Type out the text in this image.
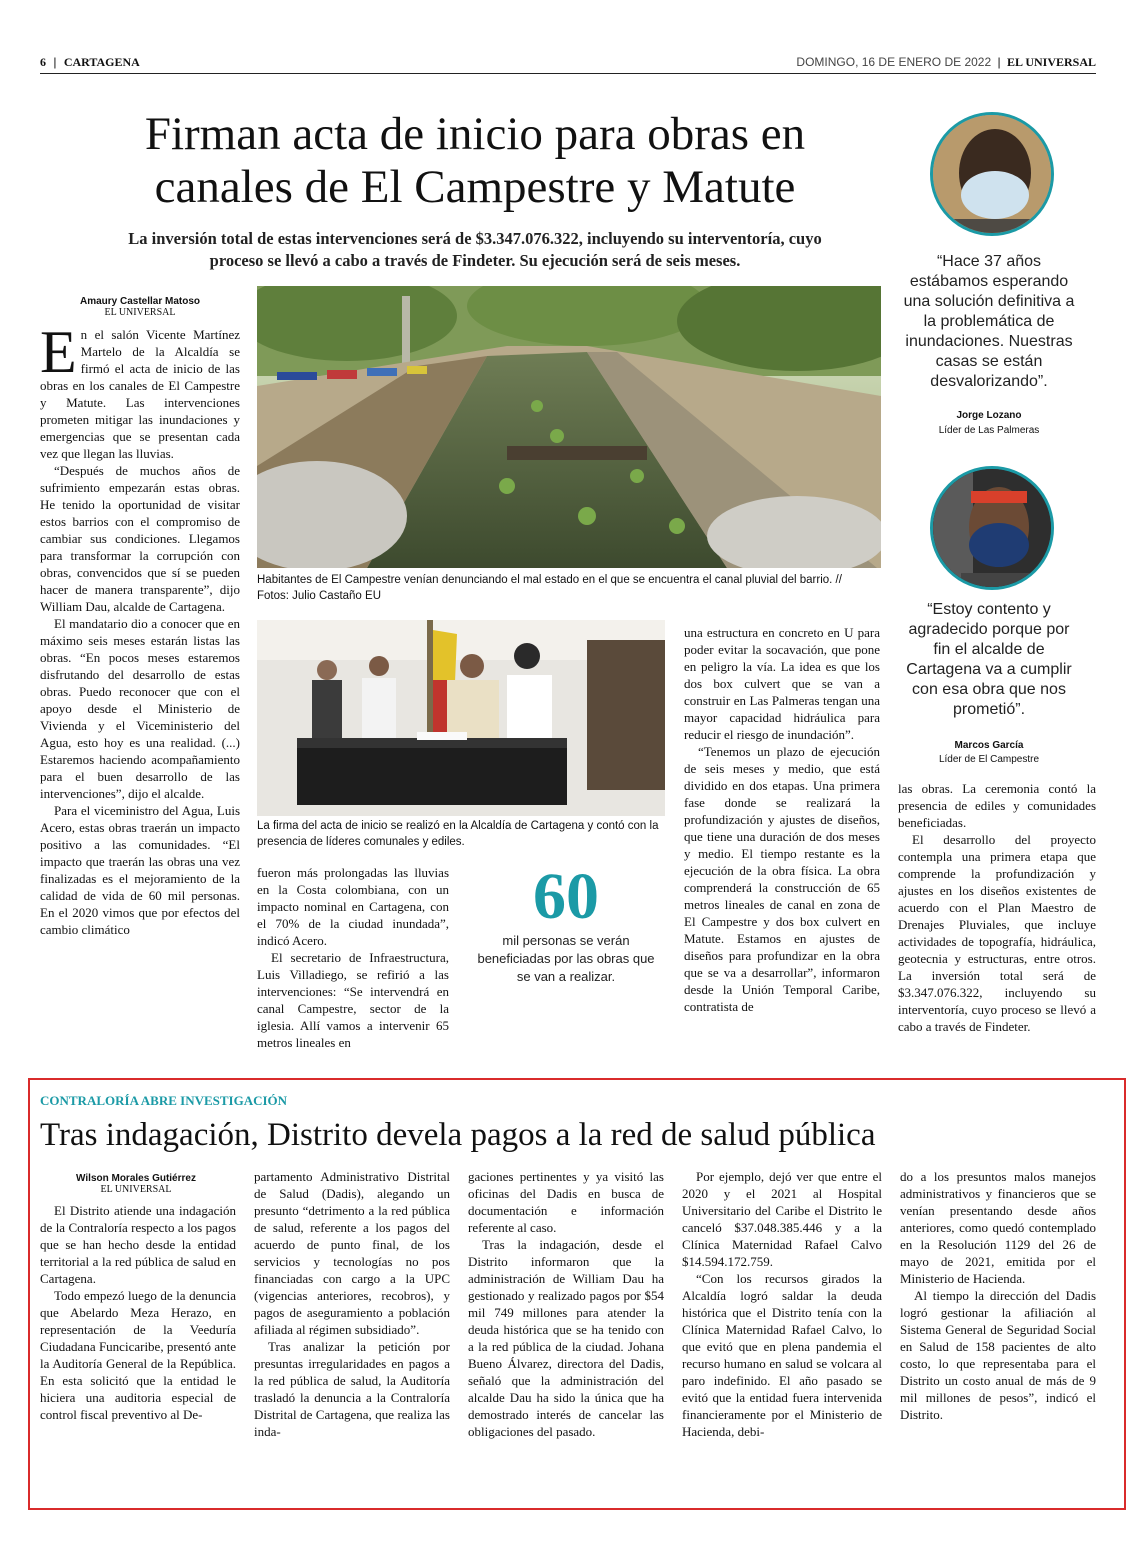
6 | CARTAGENA	DOMINGO, 16 DE ENERO DE 2022 | EL UNIVERSAL
Firman acta de inicio para obras en
canales de El Campestre y Matute
La inversión total de estas intervenciones será de $3.347.076.322, incluyendo su interventoría, cuyo
proceso se llevó a cabo a través de Findeter. Su ejecución será de seis meses.
Amaury Castellar Matoso
EL UNIVERSAL
E n el salón Vicente Martínez Martelo de la Alcaldía se firmó el acta de inicio de las obras en los canales de El Campestre y Matute. Las intervenciones prometen mitigar las inundaciones y emergencias que se presentan cada vez que llegan las lluvias.

“Después de muchos años de sufrimiento empezarán estas obras. He tenido la oportunidad de visitar estos barrios con el compromiso de cambiar sus condiciones. Llegamos para transformar la corrupción con obras, convencidos que sí se pueden hacer de manera transparente”, dijo William Dau, alcalde de Cartagena.

El mandatario dio a conocer que en máximo seis meses estarán listas las obras. “En pocos meses estaremos disfrutando del desarrollo de estas obras. Puedo reconocer que con el apoyo desde el Ministerio de Vivienda y el Viceministerio del Agua, esto hoy es una realidad. (...) Estaremos haciendo acompañamiento para el buen desarrollo de las intervenciones”, dijo el alcalde.

Para el viceministro del Agua, Luis Acero, estas obras traerán un impacto positivo a las comunidades. “El impacto que traerán las obras una vez finalizadas es el mejoramiento de la calidad de vida de 60 mil personas. En el 2020 vimos que por efectos del cambio climático

Habitantes de El Campestre venían denunciando el mal estado en el que se encuentra el canal pluvial del barrio. // Fotos: Julio Castaño EU
La firma del acta de inicio se realizó en la Alcaldía de Cartagena y contó con la presencia de líderes comunales y ediles.

fueron más prolongadas las lluvias en la Costa colombiana, con un impacto nominal en Cartagena, con el 70% de la ciudad inundada”, indicó Acero.

El secretario de Infraestructura, Luis Villadiego, se refirió a las intervenciones: “Se intervendrá en canal Campestre, sector de la iglesia. Allí vamos a intervenir 65 metros lineales en

60
mil personas se verán beneficiadas por las obras que se van a realizar.

una estructura en concreto en U para poder evitar la socavación, que pone en peligro la vía. La idea es que los dos box culvert que se van a construir en Las Palmeras tengan una mayor capacidad hidráulica para reducir el riesgo de inundación”.

“Tenemos un plazo de ejecución de seis meses y medio, que está dividido en dos etapas. Una primera fase donde se realizará la profundización y ajustes de diseños, que tiene una duración de dos meses y medio. El tiempo restante es la ejecución de la obra física. La obra comprenderá la construcción de 65 metros lineales de canal en zona de El Campestre y dos box culvert en Matute. Estamos en ajustes de diseños para profundizar en la obra que se va a desarrollar”, informaron desde la Unión Temporal Caribe, contratista de

“Hace 37 años estábamos esperando una solución definitiva a la problemática de inundaciones. Nuestras casas se están desvalorizando”.
Jorge Lozano
Líder de Las Palmeras
“Estoy contento y agradecido porque por fin el alcalde de Cartagena va a cumplir con esa obra que nos prometió”.
Marcos García
Líder de El Campestre

las obras. La ceremonia contó la presencia de ediles y comunidades beneficiadas.

El desarrollo del proyecto contempla una primera etapa que comprende la profundización y ajustes en los diseños existentes de acuerdo con el Plan Maestro de Drenajes Pluviales, que incluye actividades de topografía, hidráulica, geotecnia y estructuras, entre otros. La inversión total será de $3.347.076.322, incluyendo su interventoría, cuyo proceso se llevó a cabo a través de Findeter.

CONTRALORÍA ABRE INVESTIGACIÓN
Tras indagación, Distrito devela pagos a la red de salud pública
Wilson Morales Gutiérrez
EL UNIVERSAL

El Distrito atiende una indagación de la Contraloría respecto a los pagos que se han hecho desde la entidad territorial a la red pública de salud en Cartagena.

Todo empezó luego de la denuncia que Abelardo Meza Herazo, en representación de la Veeduría Ciudadana Funcicaribe, presentó ante la Auditoría General de la República. En esta solicitó que la entidad le hiciera una auditoria especial de control fiscal preventivo al De-

partamento Administrativo Distrital de Salud (Dadis), alegando un presunto “detrimento a la red pública de salud, referente a los pagos del acuerdo de punto final, de los servicios y tecnologías no pos financiadas con cargo a la UPC (vigencias anteriores, recobros), y pagos de aseguramiento a población afiliada al régimen subsidiado”.

Tras analizar la petición por presuntas irregularidades en pagos a la red pública de salud, la Auditoría trasladó la denuncia a la Contraloría Distrital de Cartagena, que realiza las inda-

gaciones pertinentes y ya visitó las oficinas del Dadis en busca de documentación e información referente al caso.

Tras la indagación, desde el Distrito informaron que la administración de William Dau ha gestionado y realizado pagos por $54 mil 749 millones para atender la deuda histórica que se ha tenido con a la red pública de la ciudad. Johana Bueno Álvarez, directora del Dadis, señaló que la administración del alcalde Dau ha sido la única que ha demostrado interés de cancelar las obligaciones del pasado.

Por ejemplo, dejó ver que entre el 2020 y el 2021 al Hospital Universitario del Caribe el Distrito le canceló $37.048.385.446 y a la Clínica Maternidad Rafael Calvo $14.594.172.759.

“Con los recursos girados la Alcaldía logró saldar la deuda histórica que el Distrito tenía con la Clínica Maternidad Rafael Calvo, lo que evitó que en plena pandemia el recurso humano en salud se volcara al paro indefinido. El año pasado se evitó que la entidad fuera intervenida financieramente por el Ministerio de Hacienda, debi-

do a los presuntos malos manejos administrativos y financieros que se venían presentando desde años anteriores, como quedó contemplado en la Resolución 1129 del 26 de mayo de 2021, emitida por el Ministerio de Hacienda.

Al tiempo la dirección del Dadis logró gestionar la afiliación al Sistema General de Seguridad Social en Salud de 158 pacientes de alto costo, lo que representaba para el Distrito un costo anual de más de 9 mil millones de pesos”, indicó el Distrito.
